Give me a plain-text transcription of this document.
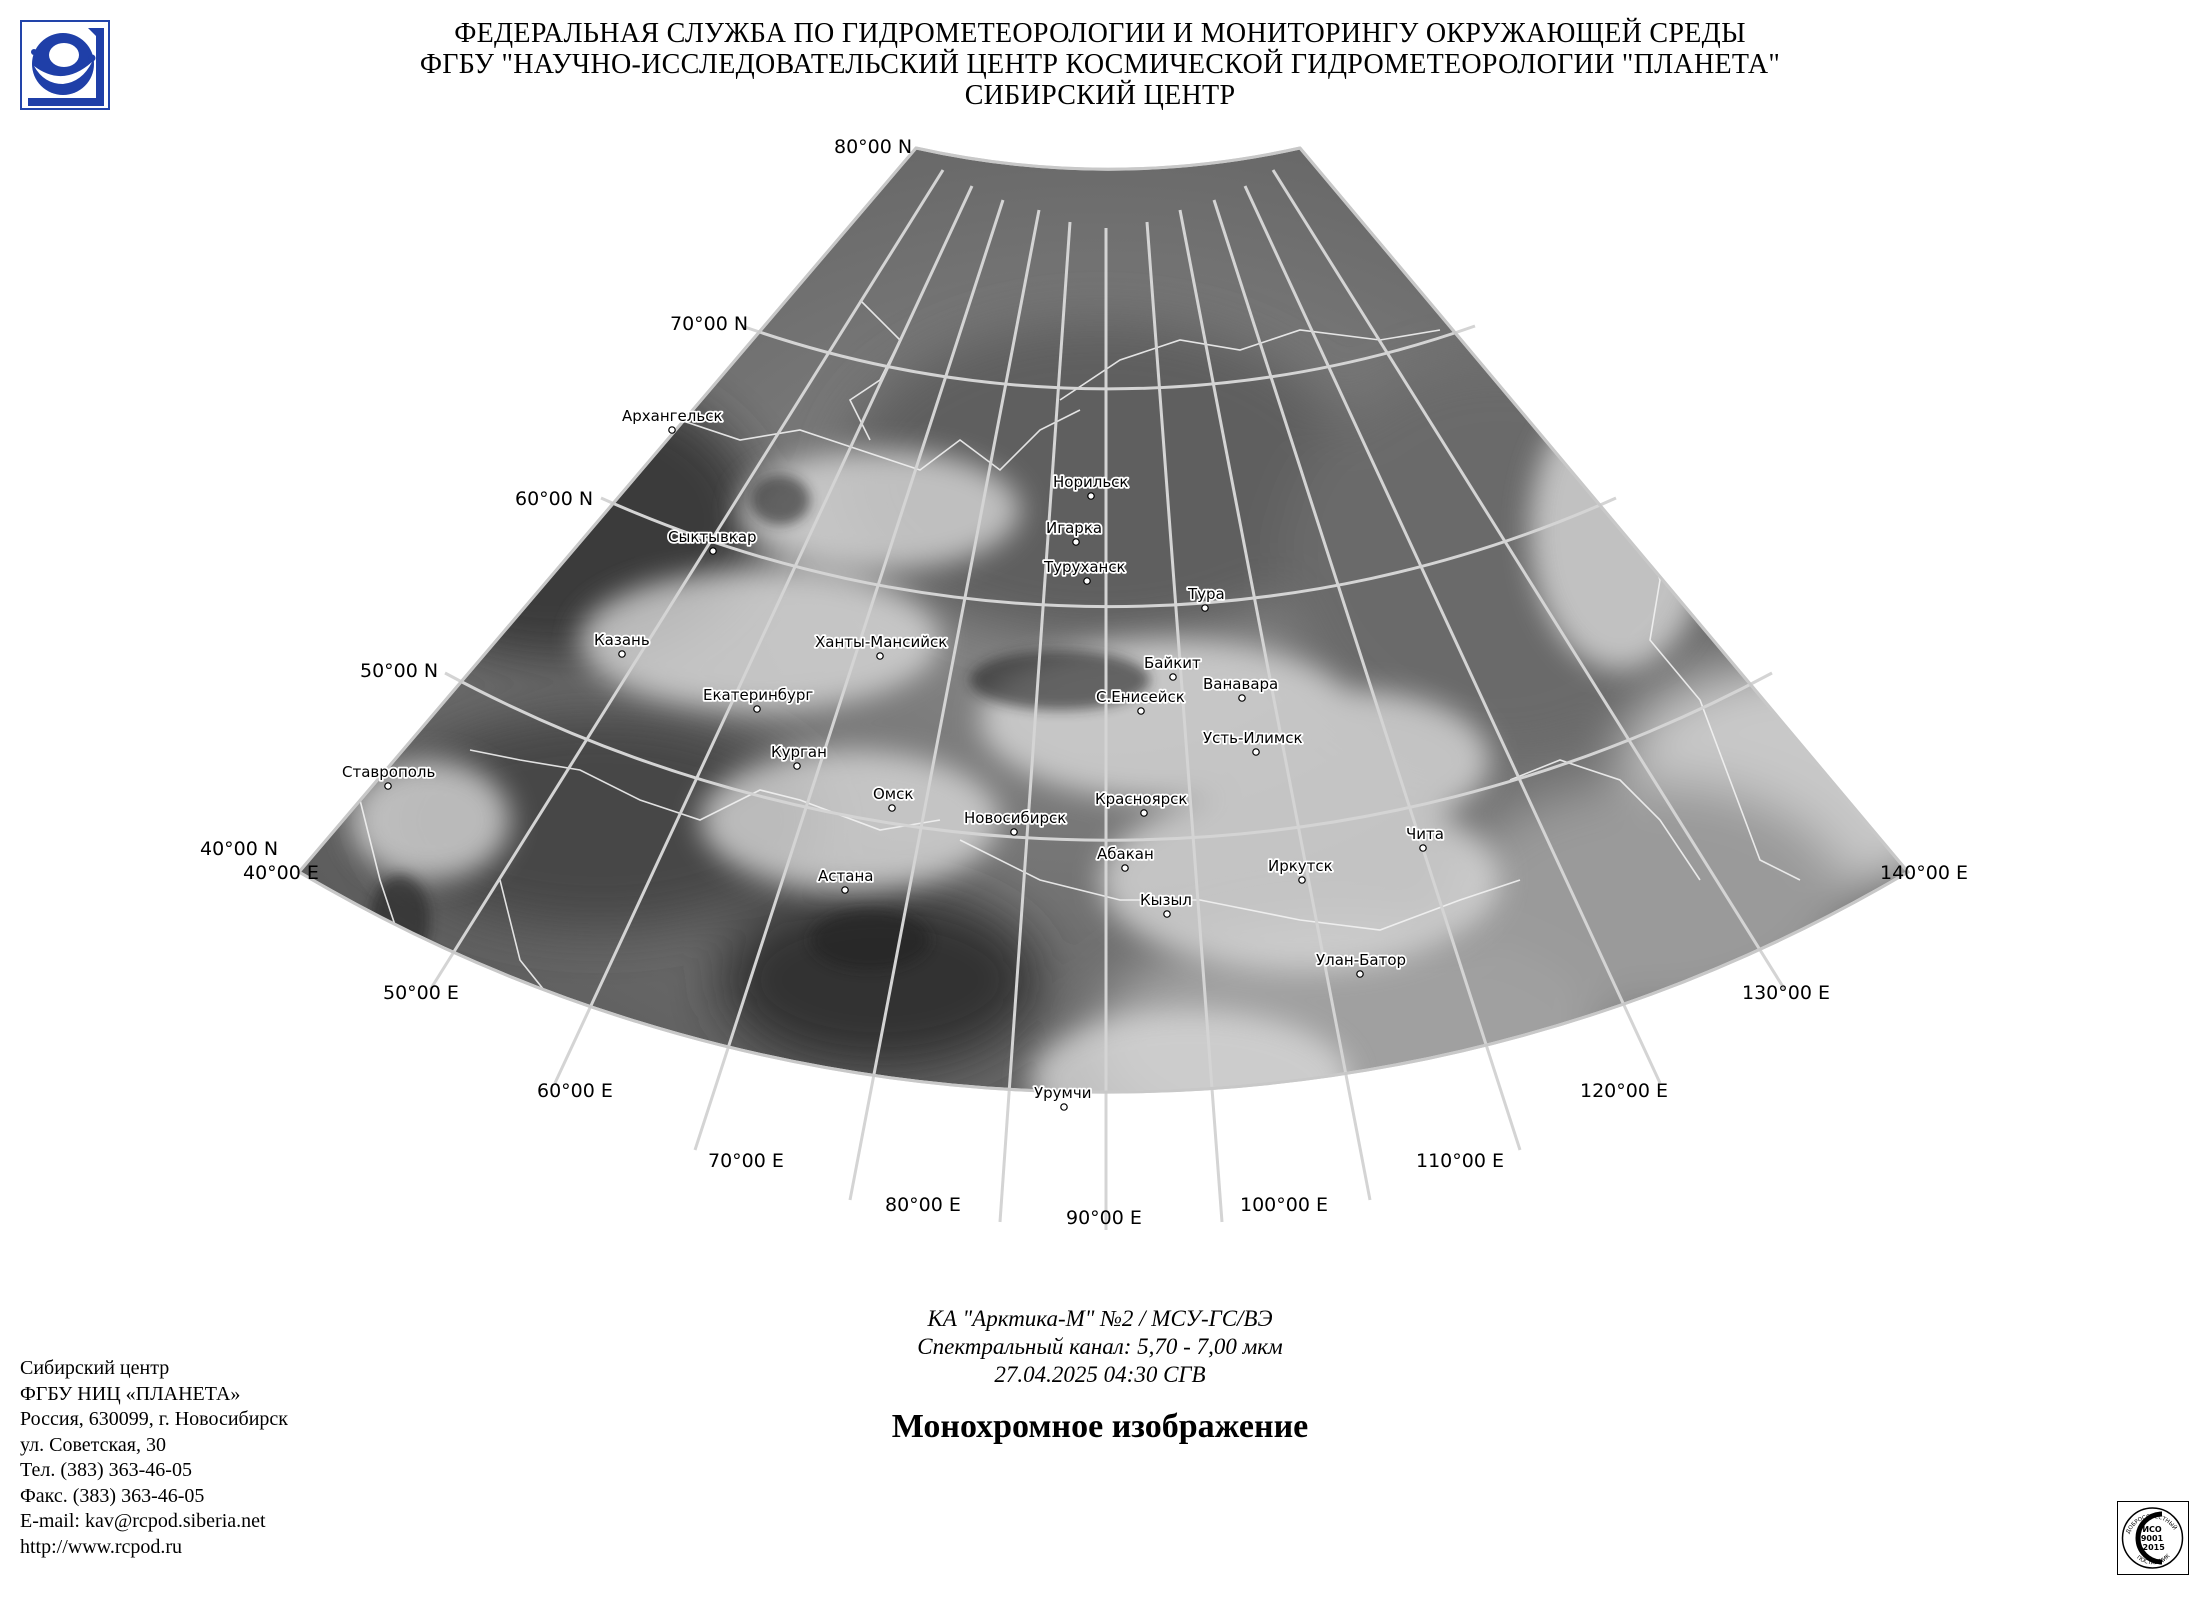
ФЕДЕРАЛЬНАЯ СЛУЖБА ПО ГИДРОМЕТЕОРОЛОГИИ И МОНИТОРИНГУ ОКРУЖАЮЩЕЙ СРЕДЫ
ФГБУ "НАУЧНО-ИССЛЕДОВАТЕЛЬСКИЙ ЦЕНТР КОСМИЧЕСКОЙ ГИДРОМЕТЕОРОЛОГИИ "ПЛАНЕТА"
СИБИРСКИЙ ЦЕНТР
80°00 N
70°00 N
60°00 N
50°00 N
40°00 N
40°00 E
50°00 E
60°00 E
70°00 E
80°00 E
90°00 E
100°00 E
110°00 E
120°00 E
130°00 E
140°00 E
Архангельск
Сыктывкар
Казань
Ставрополь
Екатеринбург
Ханты-Мансийск
Курган
Омск
Астана
Новосибирск
Норильск
Игарка
Туруханск
Тура
Байкит
С.Енисейск
Ванавара
Усть-Илимск
Красноярск
Абакан
Кызыл
Иркутск
Чита
Улан-Батор
Урумчи
КА "Арктика-М" №2 / МСУ-ГС/ВЭ
Спектральный канал: 5,70 - 7,00 мкм
27.04.2025 04:30 СГВ
Монохромное изображение
Сибирский центр
ФГБУ НИЦ «ПЛАНЕТА»
Россия, 630099, г. Новосибирск
ул. Советская, 30
Тел. (383) 363-46-05
Факс. (383) 363-46-05
E-mail: kav@rcpod.siberia.net
http://www.rcpod.ru
ДОБРОСОВЕСТНЫЙ
ПОСТАВЩИК
ИСО
9001
-2015
